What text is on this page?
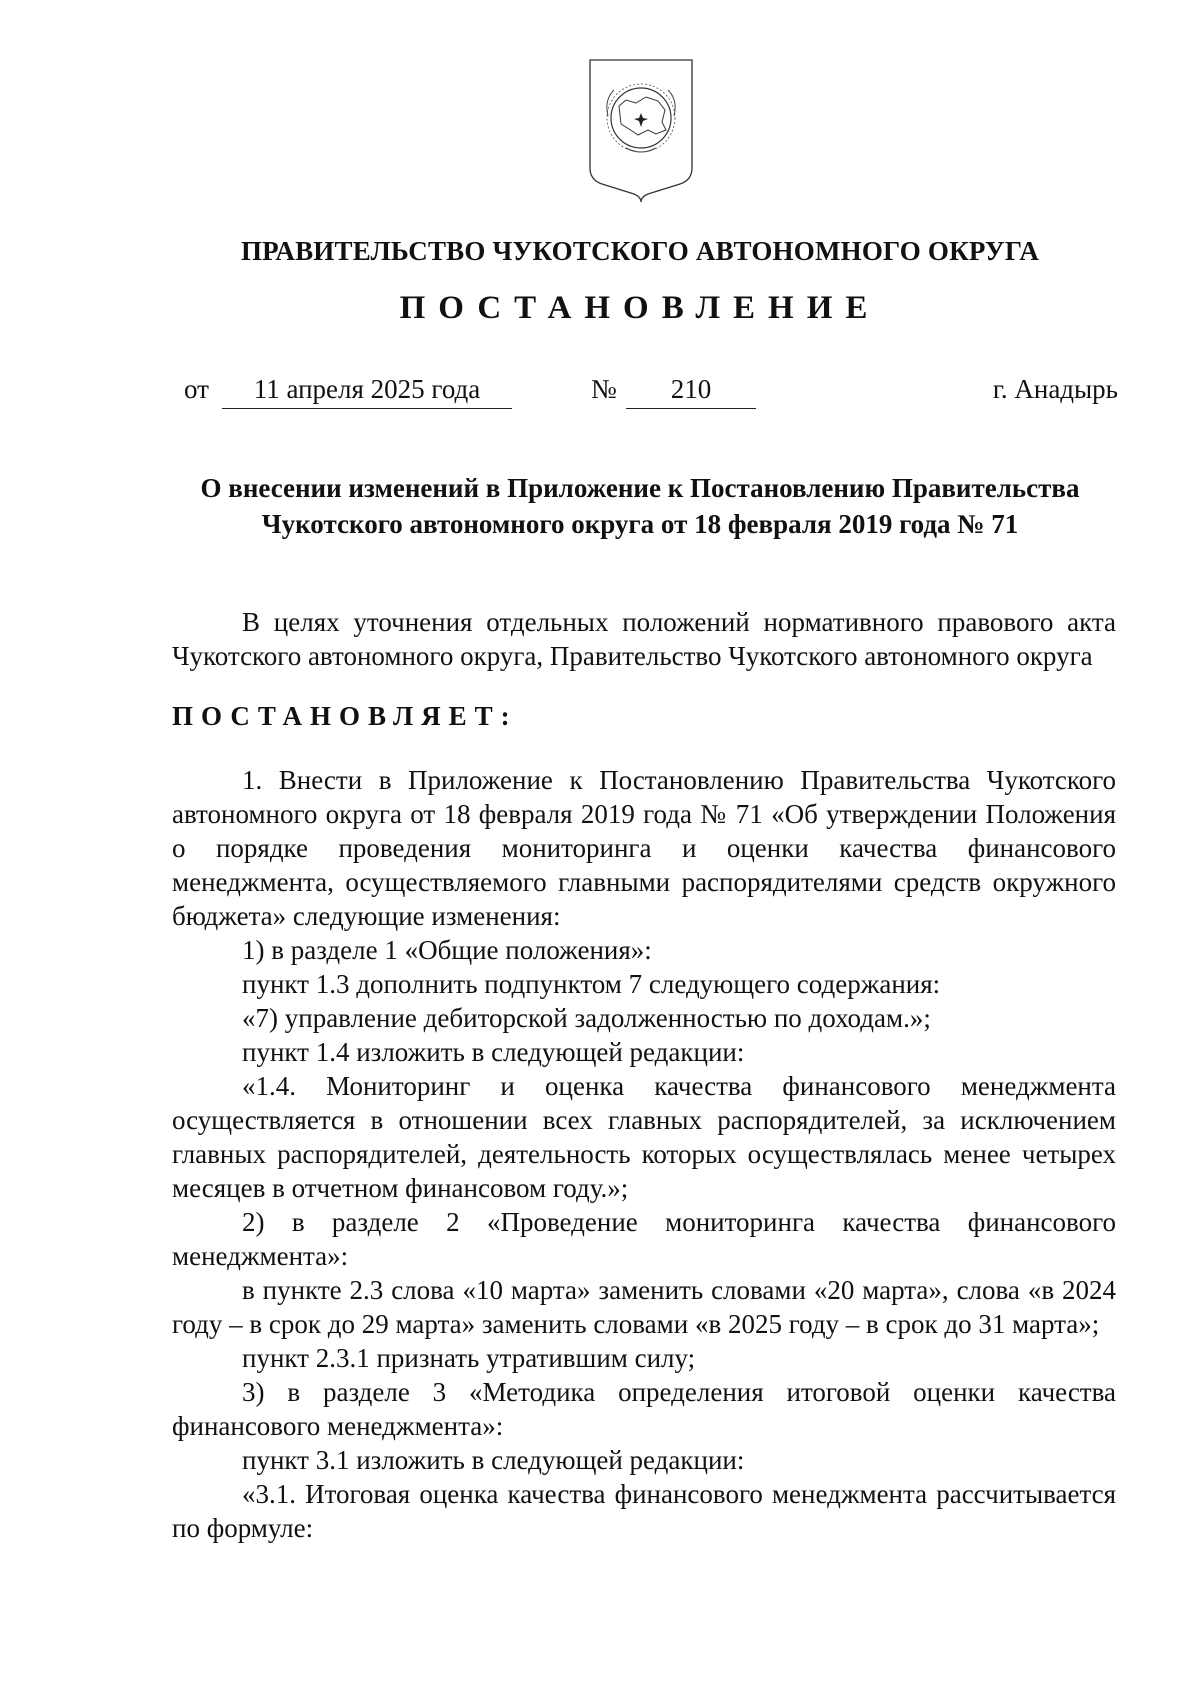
ПРАВИТЕЛЬСТВО ЧУКОТСКОГО АВТОНОМНОГО ОКРУГА
ПОСТАНОВЛЕНИЕ
от	11 апреля 2025 года	№	210	г. Анадырь
О внесении изменений в Приложение к Постановлению Правительства
Чукотского автономного округа от 18 февраля 2019 года № 71

В целях уточнения отдельных положений нормативного правового акта Чукотского автономного округа, Правительство Чукотского автономного округа

ПОСТАНОВЛЯЕТ:

1. Внести в Приложение к Постановлению Правительства Чукотского автономного округа от 18 февраля 2019 года № 71 «Об утверждении Положения о порядке проведения мониторинга и оценки качества финансового менеджмента, осуществляемого главными распорядителями средств окружного бюджета» следующие изменения:

1) в разделе 1 «Общие положения»:

пункт 1.3 дополнить подпунктом 7 следующего содержания:

«7) управление дебиторской задолженностью по доходам.»;

пункт 1.4 изложить в следующей редакции:

«1.4. Мониторинг и оценка качества финансового менеджмента осуществляется в отношении всех главных распорядителей, за исключением главных распорядителей, деятельность которых осуществлялась менее четырех месяцев в отчетном финансовом году.»;

2) в разделе 2 «Проведение мониторинга качества финансового менеджмента»:

в пункте 2.3 слова «10 марта» заменить словами «20 марта», слова «в 2024 году – в срок до 29 марта» заменить словами «в 2025 году – в срок до 31 марта»;

пункт 2.3.1 признать утратившим силу;

3) в разделе 3 «Методика определения итоговой оценки качества финансового менеджмента»:

пункт 3.1 изложить в следующей редакции:

«3.1. Итоговая оценка качества финансового менеджмента рассчитывается по формуле:
